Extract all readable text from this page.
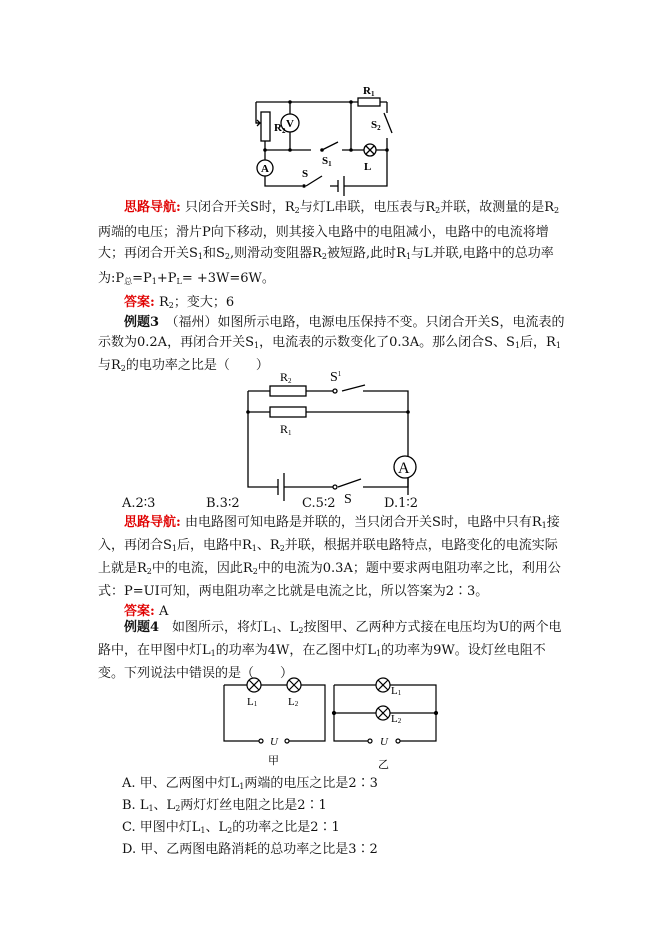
R1
R2
V
A
S1
S2
S
L

思路导航: 只闭合开关S时，$R_2$与灯L串联，电压表与$R_2$并联，故测量的是$R_2$两端的电压；滑片P向下移动，则其接入电路中的电阻减小，电路中的电流将增大；再闭合开关$S_1$和$S_2$,则滑动变阻器$R_2$被短路,此时$R_1$与L并联,电路中的总功率为$:P_总=P_1+P_L= +3W=6W$。

答案: $R_2$；变大；6

例题3　（福州）如图所示电路，电源电压保持不变。只闭合开关S，电流表的示数为0.2A，再闭合开关$S_1$，电流表的示数变化了0.3A。那么闭合S、$S_1$后，$R_1$与$R_2$的电功率之比是（　　）

R2
R1
$S^1$
S
A
A.2∶3	B.3∶2	C.5∶2	D.1∶2

思路导航: 由电路图可知电路是并联的，当只闭合开关S时，电路中只有$R_1$接入，再闭合$S_1$后，电路中$R_1$、$R_2$并联，根据并联电路特点，电路变化的电流实际上就是$R_2$中的电流，因此$R_2$中的电流为0.3A；题中要求两电阻功率之比，利用公式：P=UI可知，两电阻功率之比就是电流之比，所以答案为2∶3。

答案: A

例题4　如图所示，将灯$L_1$、$L_2$按图甲、乙两种方式接在电压均为U的两个电路中，在甲图中灯$L_1$的功率为4W，在乙图中灯$L_1$的功率为9W。设灯丝电阻不变。下列说法中错误的是（　　）

L1	L2
L1
L2
U	U
甲	乙

A. 甲、乙两图中灯$L_1$两端的电压之比是2∶3

B. $L_1$、$L_2$两灯灯丝电阻之比是2∶1

C. 甲图中灯$L_1$、$L_2$的功率之比是2∶1

D. 甲、乙两图电路消耗的总功率之比是3∶2
